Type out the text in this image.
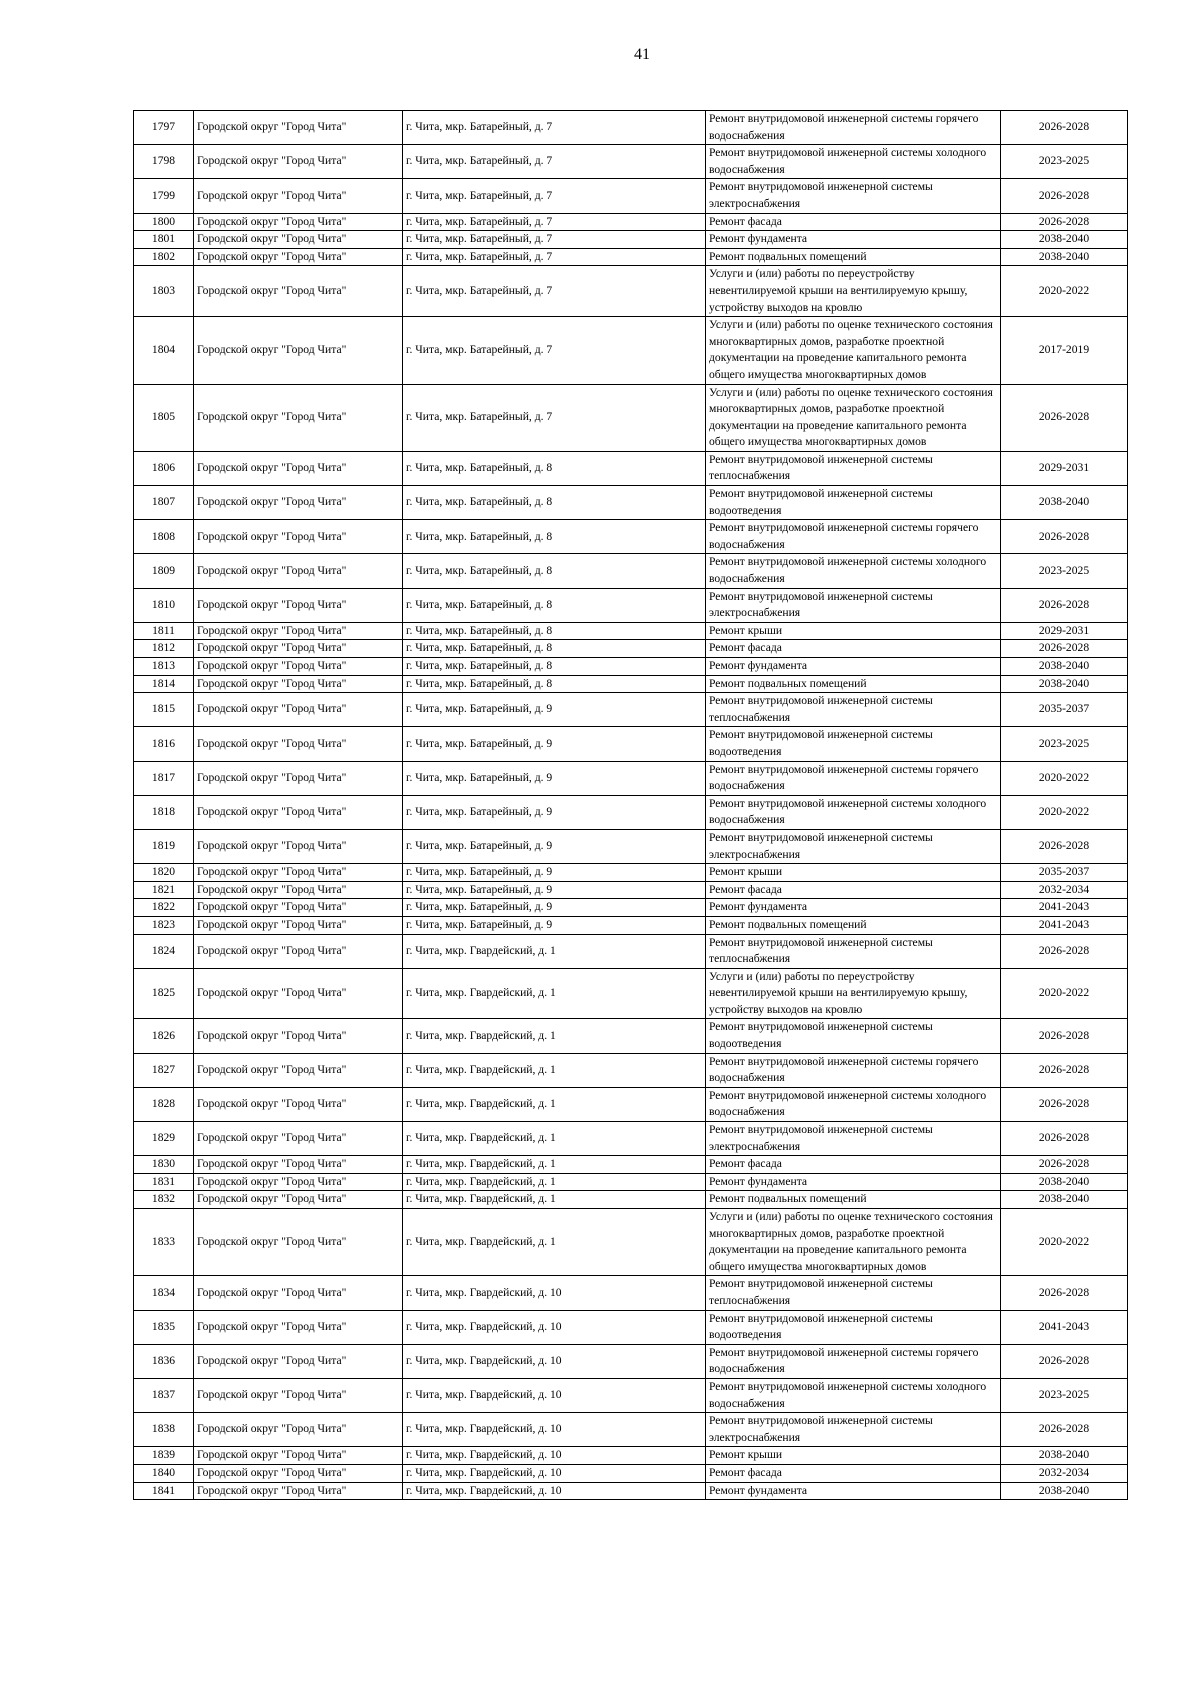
41
1797	Городской округ "Город Чита"	г. Чита, мкр. Батарейный, д. 7	Ремонт внутридомовой инженерной системы горячего водоснабжения	2026-2028
1798	Городской округ "Город Чита"	г. Чита, мкр. Батарейный, д. 7	Ремонт внутридомовой инженерной системы холодного водоснабжения	2023-2025
1799	Городской округ "Город Чита"	г. Чита, мкр. Батарейный, д. 7	Ремонт внутридомовой инженерной системы электроснабжения	2026-2028
1800	Городской округ "Город Чита"	г. Чита, мкр. Батарейный, д. 7	Ремонт фасада	2026-2028
1801	Городской округ "Город Чита"	г. Чита, мкр. Батарейный, д. 7	Ремонт фундамента	2038-2040
1802	Городской округ "Город Чита"	г. Чита, мкр. Батарейный, д. 7	Ремонт подвальных помещений	2038-2040
1803	Городской округ "Город Чита"	г. Чита, мкр. Батарейный, д. 7	Услуги и (или) работы по переустройству невентилируемой крыши на вентилируемую крышу, устройству выходов на кровлю	2020-2022
1804	Городской округ "Город Чита"	г. Чита, мкр. Батарейный, д. 7	Услуги и (или) работы по оценке технического состояния многоквартирных домов, разработке проектной документации на проведение капитального ремонта общего имущества многоквартирных домов	2017-2019
1805	Городской округ "Город Чита"	г. Чита, мкр. Батарейный, д. 7	Услуги и (или) работы по оценке технического состояния многоквартирных домов, разработке проектной документации на проведение капитального ремонта общего имущества многоквартирных домов	2026-2028
1806	Городской округ "Город Чита"	г. Чита, мкр. Батарейный, д. 8	Ремонт внутридомовой инженерной системы теплоснабжения	2029-2031
1807	Городской округ "Город Чита"	г. Чита, мкр. Батарейный, д. 8	Ремонт внутридомовой инженерной системы водоотведения	2038-2040
1808	Городской округ "Город Чита"	г. Чита, мкр. Батарейный, д. 8	Ремонт внутридомовой инженерной системы горячего водоснабжения	2026-2028
1809	Городской округ "Город Чита"	г. Чита, мкр. Батарейный, д. 8	Ремонт внутридомовой инженерной системы холодного водоснабжения	2023-2025
1810	Городской округ "Город Чита"	г. Чита, мкр. Батарейный, д. 8	Ремонт внутридомовой инженерной системы электроснабжения	2026-2028
1811	Городской округ "Город Чита"	г. Чита, мкр. Батарейный, д. 8	Ремонт крыши	2029-2031
1812	Городской округ "Город Чита"	г. Чита, мкр. Батарейный, д. 8	Ремонт фасада	2026-2028
1813	Городской округ "Город Чита"	г. Чита, мкр. Батарейный, д. 8	Ремонт фундамента	2038-2040
1814	Городской округ "Город Чита"	г. Чита, мкр. Батарейный, д. 8	Ремонт подвальных помещений	2038-2040
1815	Городской округ "Город Чита"	г. Чита, мкр. Батарейный, д. 9	Ремонт внутридомовой инженерной системы теплоснабжения	2035-2037
1816	Городской округ "Город Чита"	г. Чита, мкр. Батарейный, д. 9	Ремонт внутридомовой инженерной системы водоотведения	2023-2025
1817	Городской округ "Город Чита"	г. Чита, мкр. Батарейный, д. 9	Ремонт внутридомовой инженерной системы горячего водоснабжения	2020-2022
1818	Городской округ "Город Чита"	г. Чита, мкр. Батарейный, д. 9	Ремонт внутридомовой инженерной системы холодного водоснабжения	2020-2022
1819	Городской округ "Город Чита"	г. Чита, мкр. Батарейный, д. 9	Ремонт внутридомовой инженерной системы электроснабжения	2026-2028
1820	Городской округ "Город Чита"	г. Чита, мкр. Батарейный, д. 9	Ремонт крыши	2035-2037
1821	Городской округ "Город Чита"	г. Чита, мкр. Батарейный, д. 9	Ремонт фасада	2032-2034
1822	Городской округ "Город Чита"	г. Чита, мкр. Батарейный, д. 9	Ремонт фундамента	2041-2043
1823	Городской округ "Город Чита"	г. Чита, мкр. Батарейный, д. 9	Ремонт подвальных помещений	2041-2043
1824	Городской округ "Город Чита"	г. Чита, мкр. Гвардейский, д. 1	Ремонт внутридомовой инженерной системы теплоснабжения	2026-2028
1825	Городской округ "Город Чита"	г. Чита, мкр. Гвардейский, д. 1	Услуги и (или) работы по переустройству невентилируемой крыши на вентилируемую крышу, устройству выходов на кровлю	2020-2022
1826	Городской округ "Город Чита"	г. Чита, мкр. Гвардейский, д. 1	Ремонт внутридомовой инженерной системы водоотведения	2026-2028
1827	Городской округ "Город Чита"	г. Чита, мкр. Гвардейский, д. 1	Ремонт внутридомовой инженерной системы горячего водоснабжения	2026-2028
1828	Городской округ "Город Чита"	г. Чита, мкр. Гвардейский, д. 1	Ремонт внутридомовой инженерной системы холодного водоснабжения	2026-2028
1829	Городской округ "Город Чита"	г. Чита, мкр. Гвардейский, д. 1	Ремонт внутридомовой инженерной системы электроснабжения	2026-2028
1830	Городской округ "Город Чита"	г. Чита, мкр. Гвардейский, д. 1	Ремонт фасада	2026-2028
1831	Городской округ "Город Чита"	г. Чита, мкр. Гвардейский, д. 1	Ремонт фундамента	2038-2040
1832	Городской округ "Город Чита"	г. Чита, мкр. Гвардейский, д. 1	Ремонт подвальных помещений	2038-2040
1833	Городской округ "Город Чита"	г. Чита, мкр. Гвардейский, д. 1	Услуги и (или) работы по оценке технического состояния многоквартирных домов, разработке проектной документации на проведение капитального ремонта общего имущества многоквартирных домов	2020-2022
1834	Городской округ "Город Чита"	г. Чита, мкр. Гвардейский, д. 10	Ремонт внутридомовой инженерной системы теплоснабжения	2026-2028
1835	Городской округ "Город Чита"	г. Чита, мкр. Гвардейский, д. 10	Ремонт внутридомовой инженерной системы водоотведения	2041-2043
1836	Городской округ "Город Чита"	г. Чита, мкр. Гвардейский, д. 10	Ремонт внутридомовой инженерной системы горячего водоснабжения	2026-2028
1837	Городской округ "Город Чита"	г. Чита, мкр. Гвардейский, д. 10	Ремонт внутридомовой инженерной системы холодного водоснабжения	2023-2025
1838	Городской округ "Город Чита"	г. Чита, мкр. Гвардейский, д. 10	Ремонт внутридомовой инженерной системы электроснабжения	2026-2028
1839	Городской округ "Город Чита"	г. Чита, мкр. Гвардейский, д. 10	Ремонт крыши	2038-2040
1840	Городской округ "Город Чита"	г. Чита, мкр. Гвардейский, д. 10	Ремонт фасада	2032-2034
1841	Городской округ "Город Чита"	г. Чита, мкр. Гвардейский, д. 10	Ремонт фундамента	2038-2040
